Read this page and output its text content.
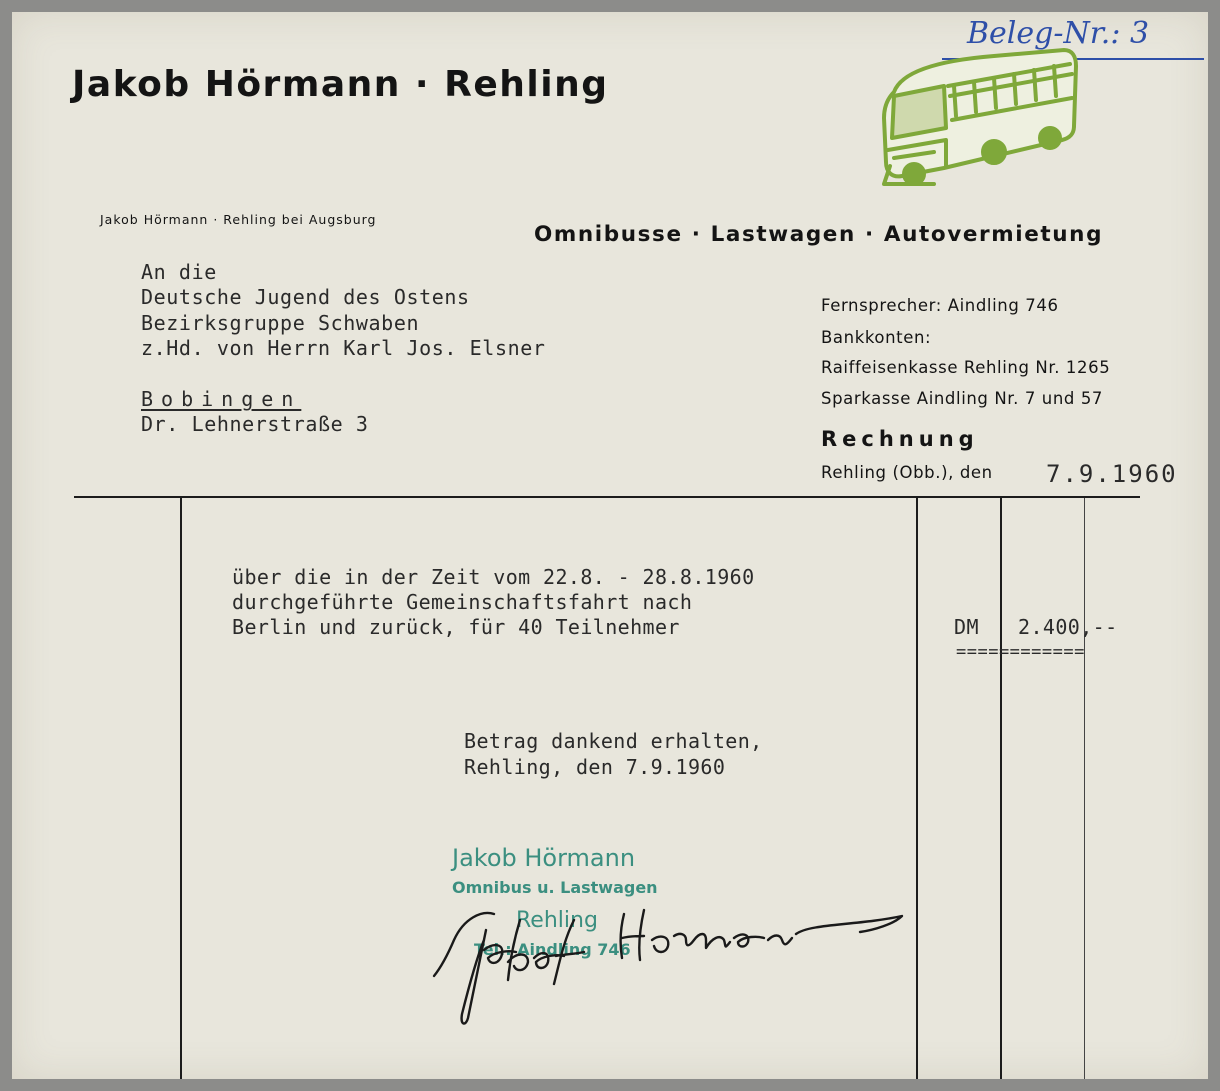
Beleg-Nr.: 3
Jakob Hörmann · Rehling
Jakob Hörmann · Rehling bei Augsburg
Omnibusse · Lastwagen · Autovermietung
An die
Deutsche Jugend des Ostens
Bezirksgruppe Schwaben
z.Hd. von Herrn Karl Jos. Elsner
Bobingen
Dr. Lehnerstraße 3
Fernsprecher: Aindling 746
Bankkonten:
Raiffeisenkasse Rehling Nr. 1265
Sparkasse Aindling Nr. 7 und 57
Rechnung
Rehling (Obb.), den 7.9.1960
über die in der Zeit vom 22.8. - 28.8.1960
durchgeführte Gemeinschaftsfahrt nach
Berlin und zurück, für 40 Teilnehmer	DM 2.400,--
============
Betrag dankend erhalten,
Rehling, den 7.9.1960
Jakob Hörmann
Omnibus u. Lastwagen
Rehling
Tel.: Aindling 746
